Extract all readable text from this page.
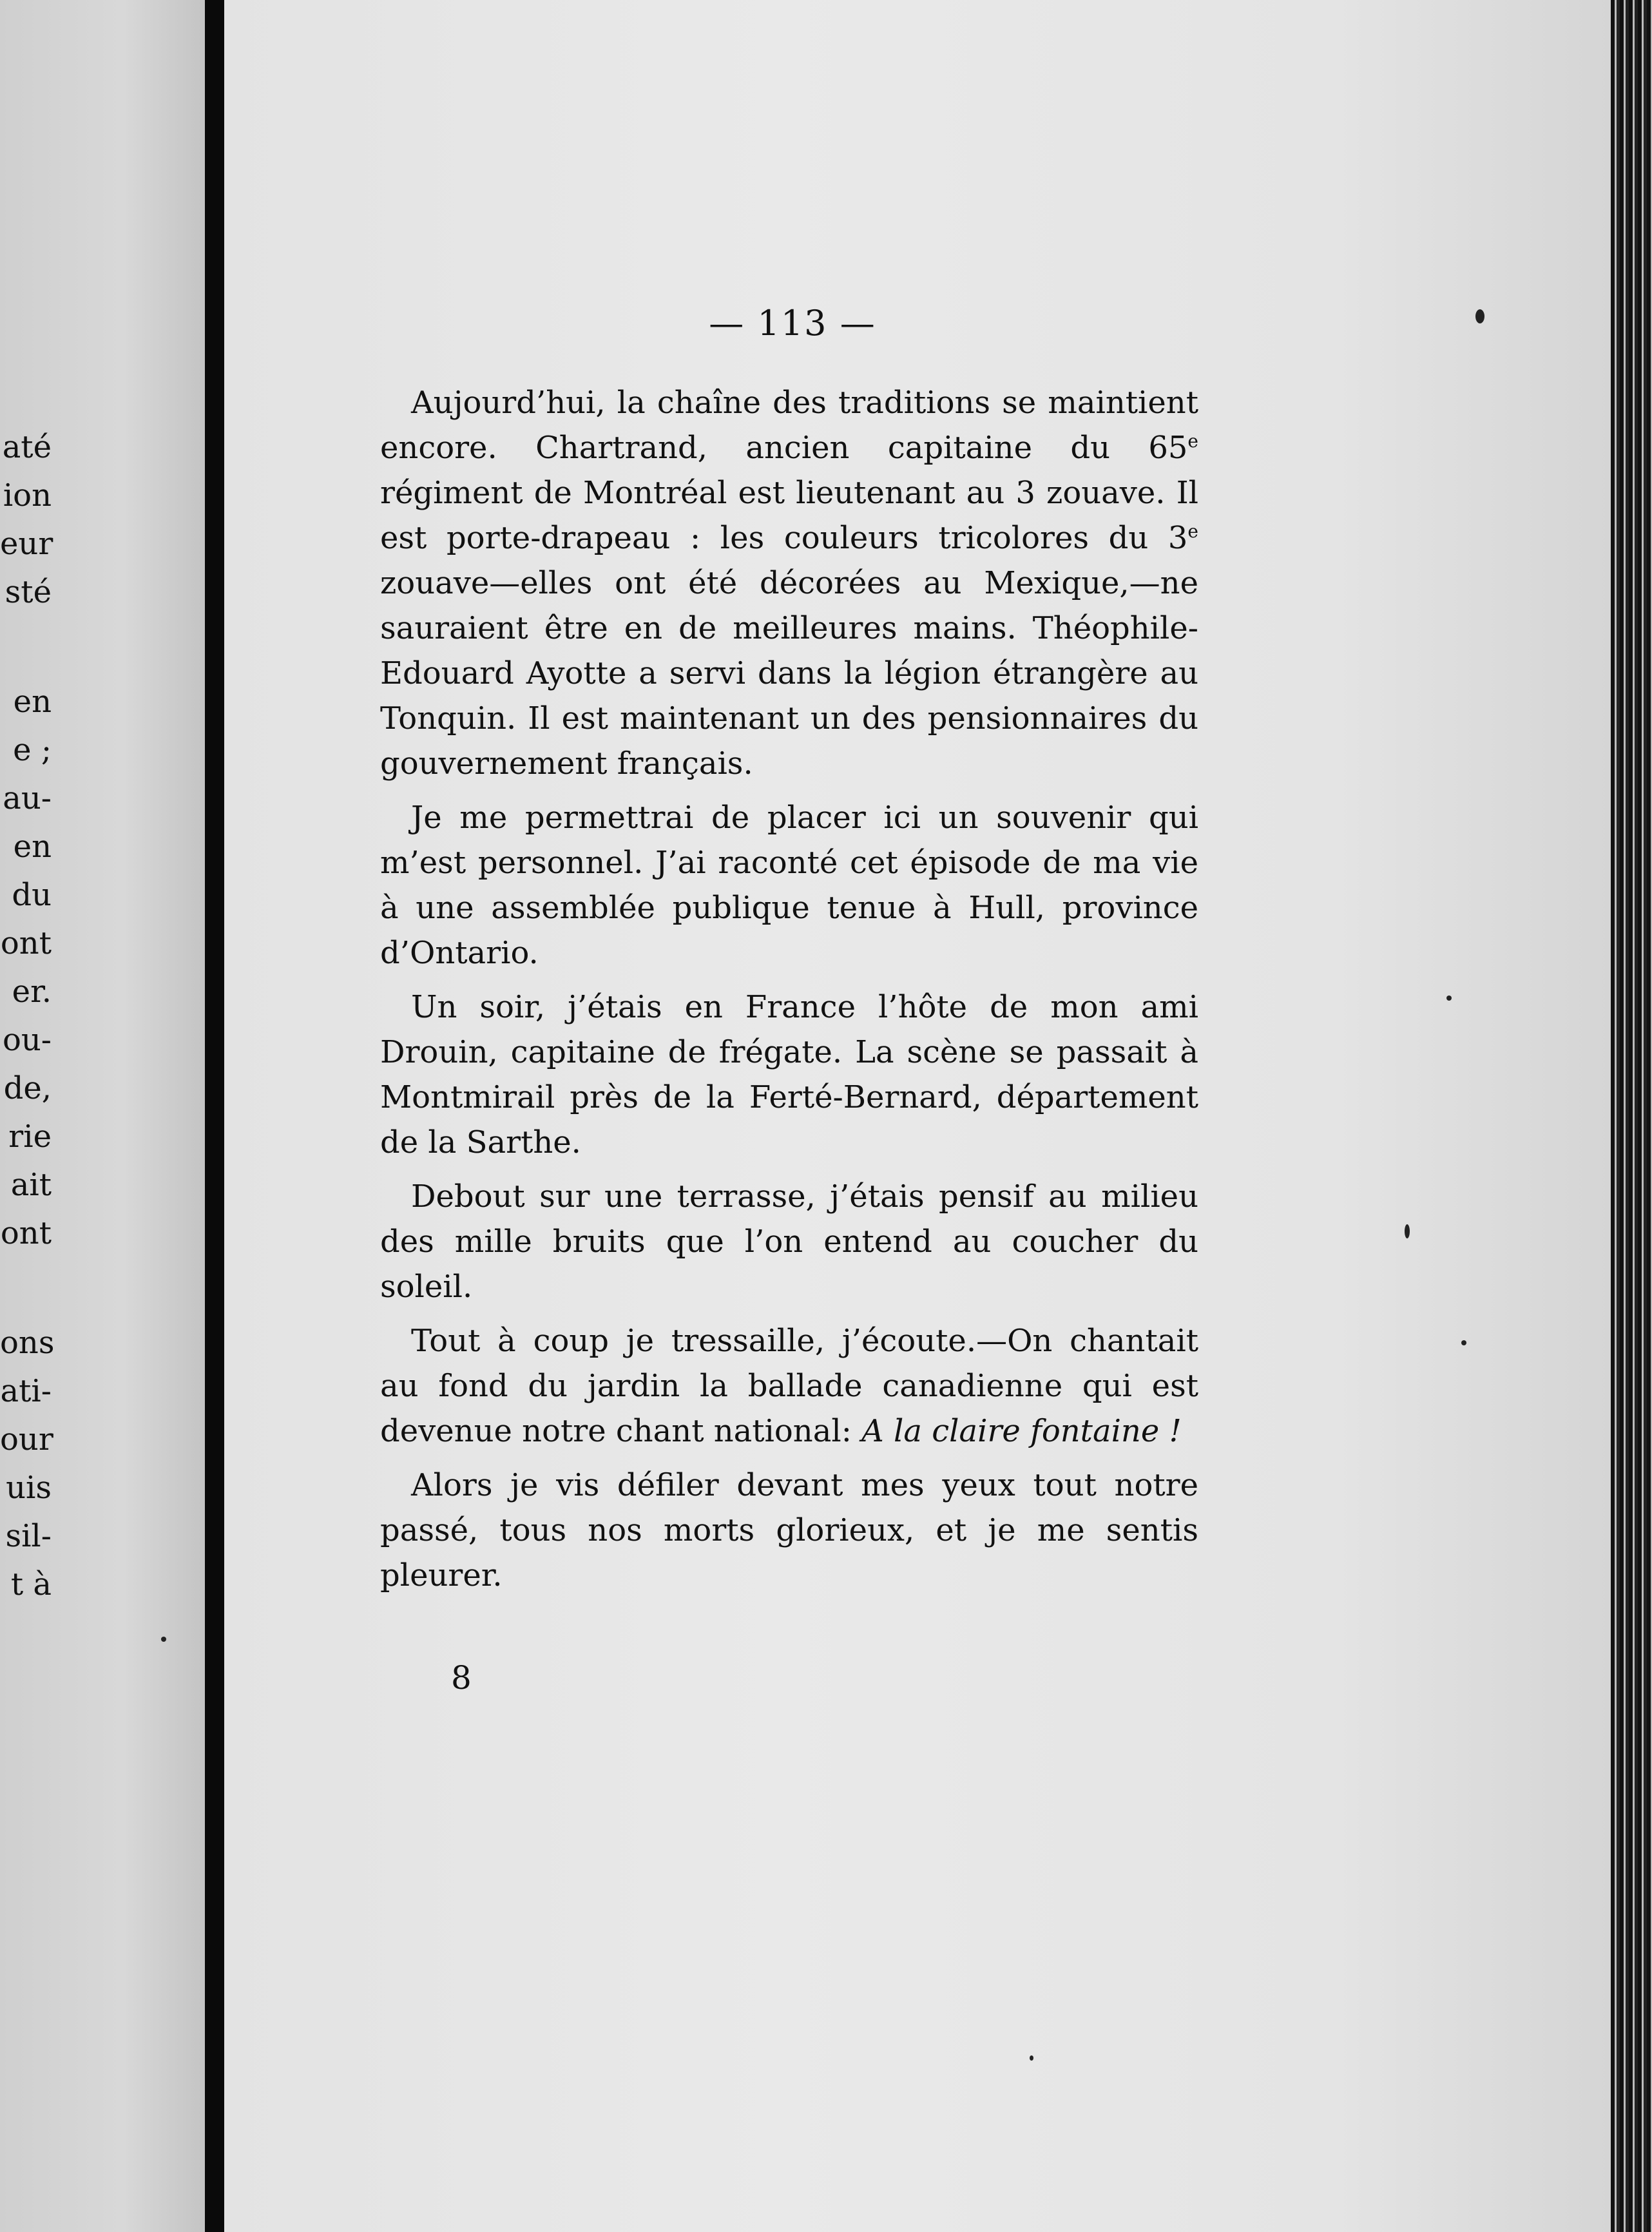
até
ion
eur
sté
en
e ;
au-
en
du
ont
er.
ou-
de,
rie
ait
ont
ons
ati-
our
uis
sil-
t à
— 113 —

Aujourd’hui, la chaîne des traditions se maintient encore. Chartrand, ancien capitaine du 65e régiment de Montréal est lieutenant au 3 zouave. Il est porte-drapeau : les couleurs tricolores du 3e zouave—elles ont été décorées au Mexique,—ne sauraient être en de meilleures mains. Théophile-Edouard Ayotte a servi dans la légion étrangère au Tonquin. Il est maintenant un des pensionnaires du gouvernement français.

Je me permettrai de placer ici un souvenir qui m’est personnel. J’ai raconté cet épisode de ma vie à une assemblée publique tenue à Hull, province d’Ontario.

Un soir, j’étais en France l’hôte de mon ami Drouin, capitaine de frégate. La scène se passait à Montmirail près de la Ferté-Bernard, département de la Sarthe.

Debout sur une terrasse, j’étais pensif au milieu des mille bruits que l’on entend au coucher du soleil.

Tout à coup je tressaille, j’écoute.—On chantait au fond du jardin la ballade canadienne qui est devenue notre chant national: A la claire fontaine !

Alors je vis défiler devant mes yeux tout notre passé, tous nos morts glorieux, et je me sentis pleurer.

8
